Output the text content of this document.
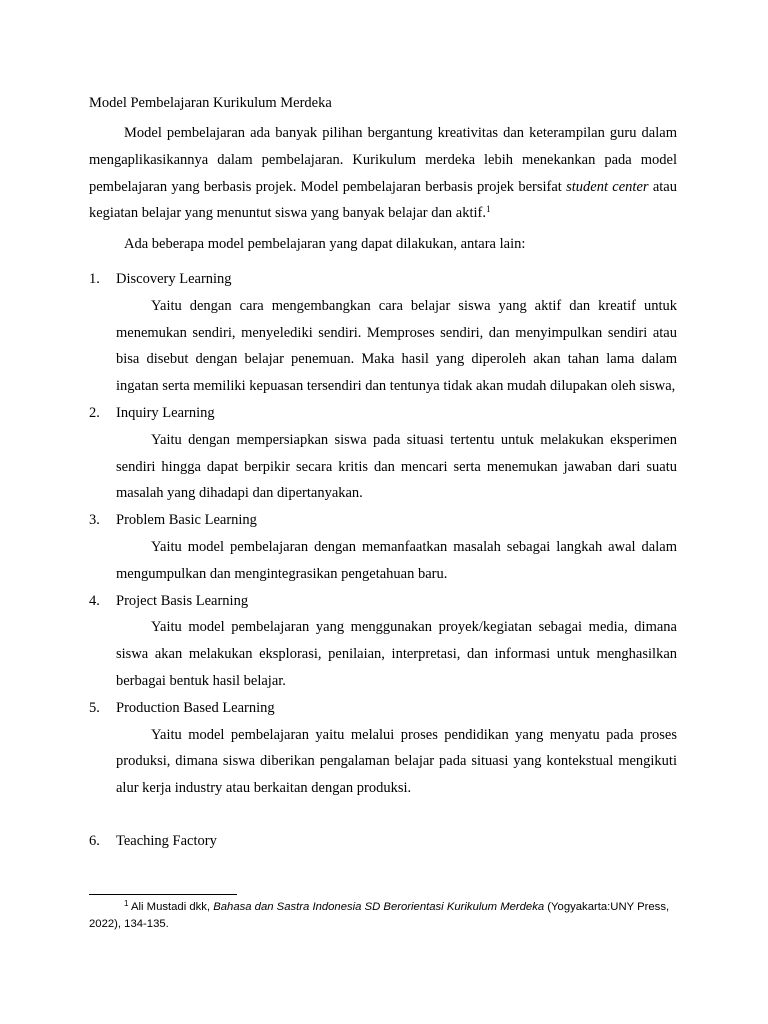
Model Pembelajaran Kurikulum Merdeka

Model pembelajaran ada banyak pilihan bergantung kreativitas dan keterampilan guru dalam mengaplikasikannya dalam pembelajaran. Kurikulum merdeka lebih menekankan pada model pembelajaran yang berbasis projek. Model pembelajaran berbasis projek bersifat student center atau kegiatan belajar yang menuntut siswa yang banyak belajar dan aktif.$^1$

Ada beberapa model pembelajaran yang dapat dilakukan, antara lain:

1. Discovery Learning

Yaitu dengan cara mengembangkan cara belajar siswa yang aktif dan kreatif untuk menemukan sendiri, menyelediki sendiri. Memproses sendiri, dan menyimpulkan sendiri atau bisa disebut dengan belajar penemuan. Maka hasil yang diperoleh akan tahan lama dalam ingatan serta memiliki kepuasan tersendiri dan tentunya tidak akan mudah dilupakan oleh siswa,

2. Inquiry Learning

Yaitu dengan mempersiapkan siswa pada situasi tertentu untuk melakukan eksperimen sendiri hingga dapat berpikir secara kritis dan mencari serta menemukan jawaban dari suatu masalah yang dihadapi dan dipertanyakan.

3. Problem Basic Learning

Yaitu model pembelajaran dengan memanfaatkan masalah sebagai langkah awal dalam mengumpulkan dan mengintegrasikan pengetahuan baru.

4. Project Basis Learning

Yaitu model pembelajaran yang menggunakan proyek/kegiatan sebagai media, dimana siswa akan melakukan eksplorasi, penilaian, interpretasi, dan informasi untuk menghasilkan berbagai bentuk hasil belajar.

5. Production Based Learning

Yaitu model pembelajaran yaitu melalui proses pendidikan yang menyatu pada proses produksi, dimana siswa diberikan pengalaman belajar pada situasi yang kontekstual mengikuti alur kerja industry atau berkaitan dengan produksi.

6. Teaching Factory

$^1$ Ali Mustadi dkk, Bahasa dan Sastra Indonesia SD Berorientasi Kurikulum Merdeka (Yogyakarta:UNY Press, 2022), 134-135.
